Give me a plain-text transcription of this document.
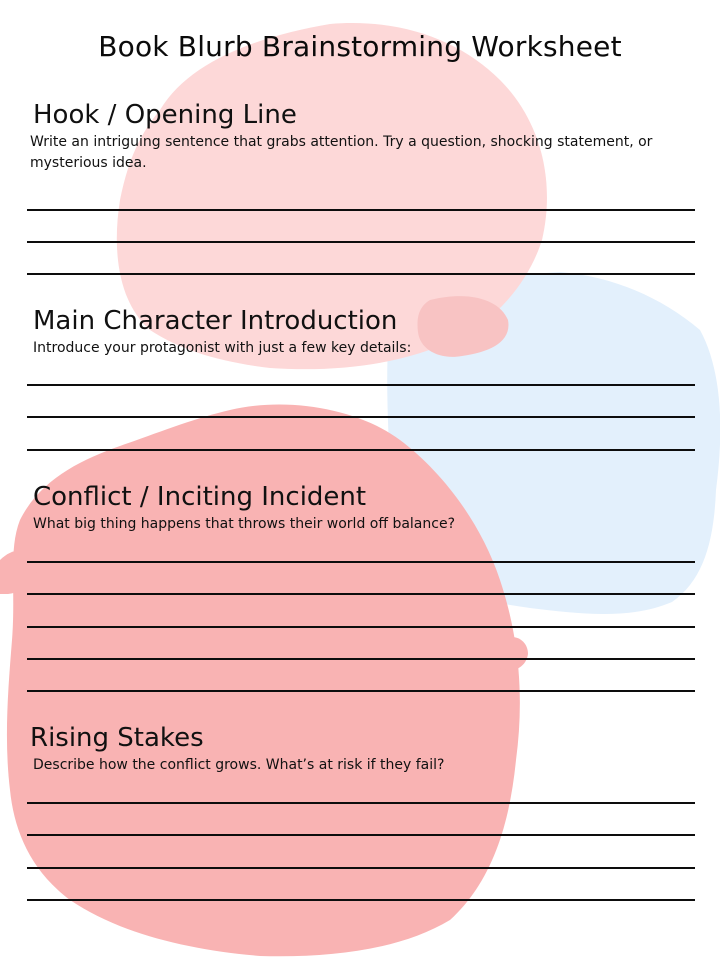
Book Blurb Brainstorming Worksheet
Hook / Opening Line
Write an intriguing sentence that grabs attention. Try a question, shocking statement, or mysterious idea.
Main Character Introduction
Introduce your protagonist with just a few key details:
Conflict / Inciting Incident
What big thing happens that throws their world off balance?
Rising Stakes
Describe how the conflict grows. What’s at risk if they fail?
